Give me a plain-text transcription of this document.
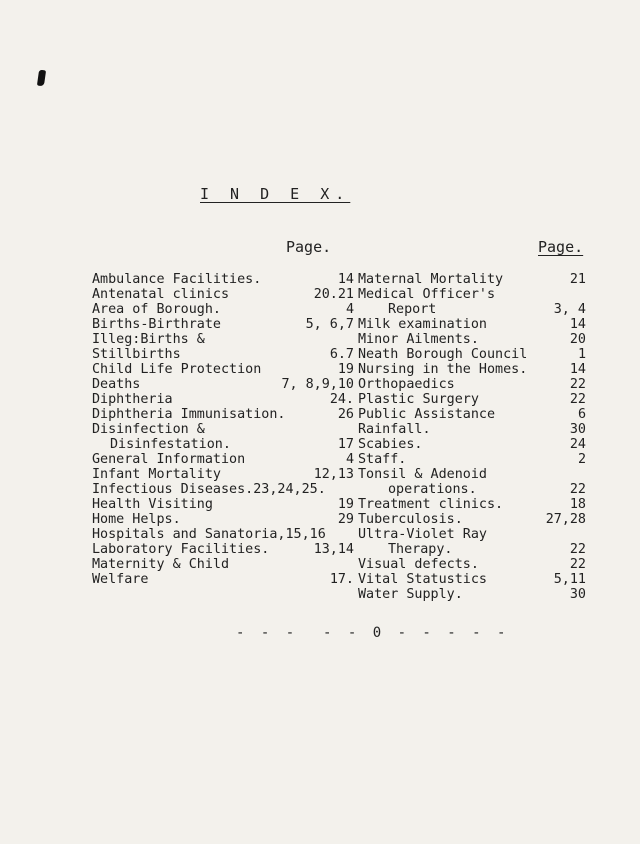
I N D E X.
Page.	Page.
Ambulance Facilities.	14
Antenatal clinics	20.21
Area of Borough.	4
Births-Birthrate	5, 6,7
Illeg:Births &
Stillbirths	6.7
Child Life Protection	19
Deaths	7, 8,9,10
Diphtheria	24.
Diphtheria Immunisation.	26
Disinfection &
Disinfestation.	17
General Information	4
Infant Mortality	12,13
Infectious Diseases.23,24,25.
Health Visiting	19
Home Helps.	29
Hospitals and Sanatoria,15,16
Laboratory Facilities.	13,14
Maternity & Child
Welfare	17.
Maternal Mortality	21
Medical Officer's
Report	3, 4
Milk examination	14
Minor Ailments.	20
Neath Borough Council	1
Nursing in the Homes.	14
Orthopaedics	22
Plastic Surgery	22
Public Assistance	6
Rainfall.	30
Scabies.	24
Staff.	2
Tonsil & Adenoid
operations.	22
Treatment clinics.	18
Tuberculosis.	27,28
Ultra-Violet Ray
Therapy.	22
Visual defects.	22
Vital Statustics	5,11
Water Supply.	30
- - -  - - 0 - - - - -
